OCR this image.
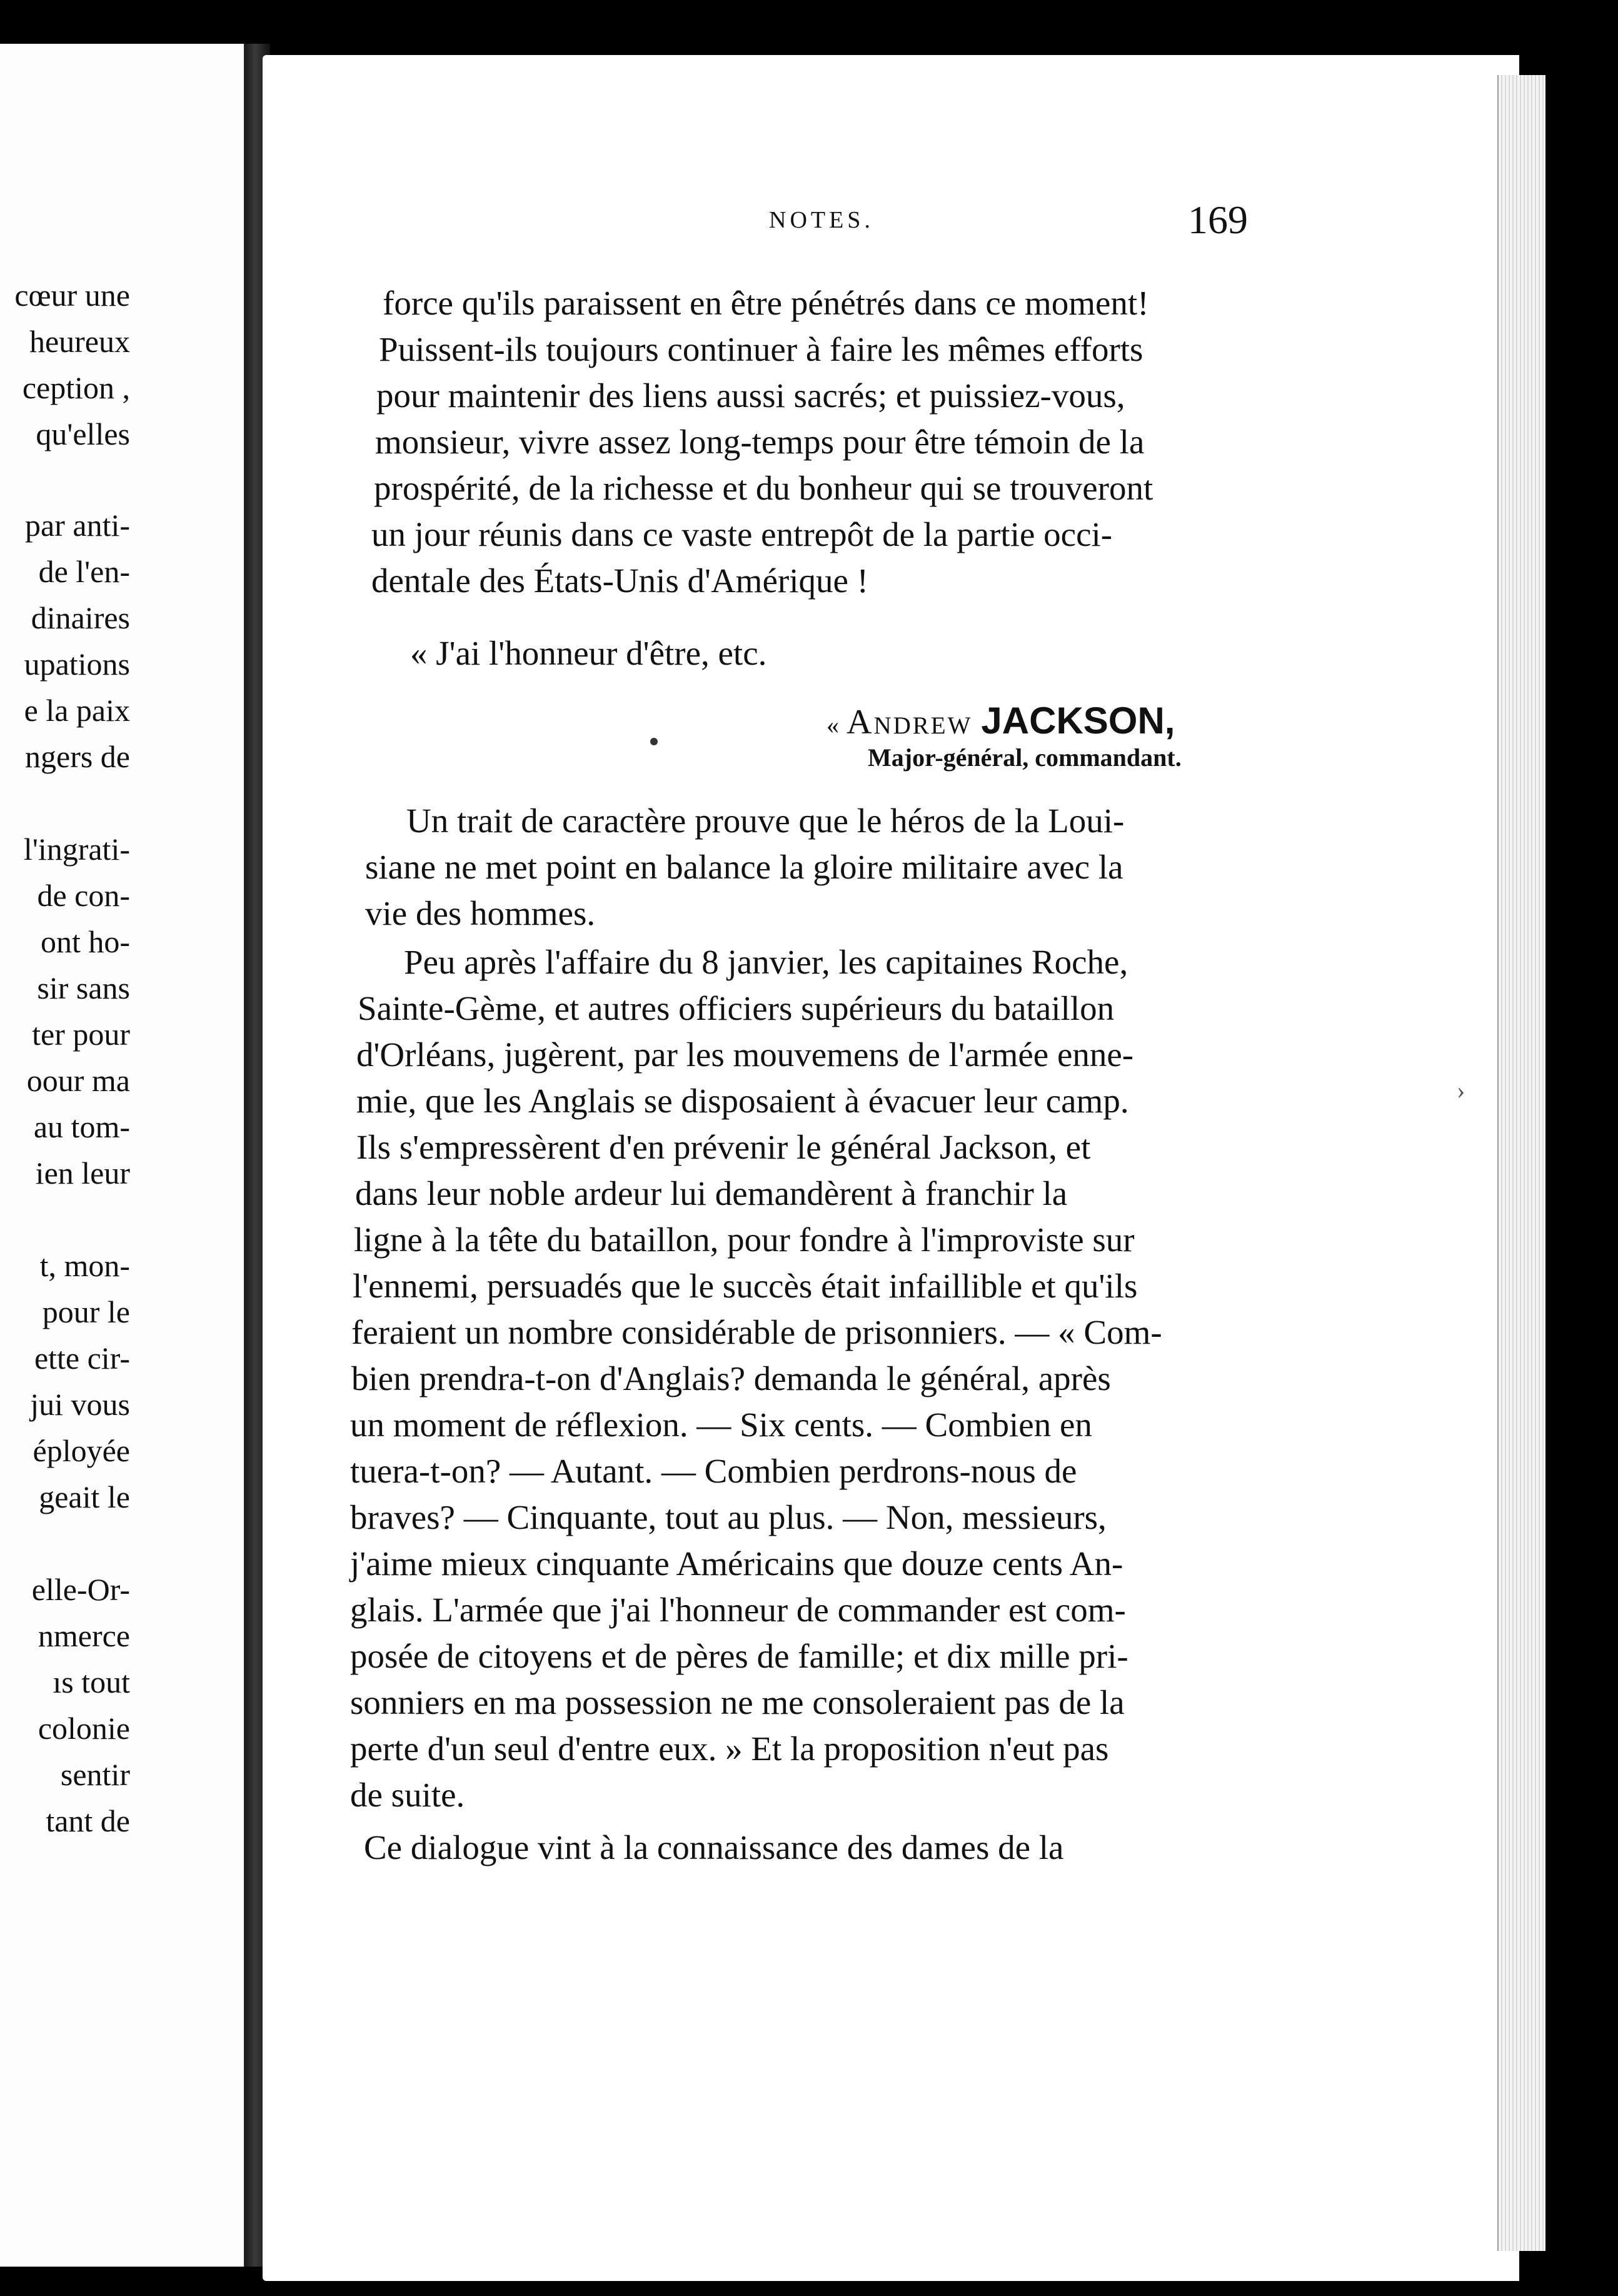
cœur une
heureux
ception ,
qu'elles
par anti-
de l'en-
dinaires
upations
e la paix
ngers de
l'ingrati-
de con-
ont ho-
sir sans
ter pour
oour ma
au tom-
ien leur
t, mon-
pour le
ette cir-
jui vous
éployée
geait le
elle-Or-
nmerce
ıs tout
colonie
sentir
tant de
NOTES.	169
force qu'ils paraissent en être pénétrés dans ce moment!
Puissent-ils toujours continuer à faire les mêmes efforts
pour maintenir des liens aussi sacrés; et puissiez-vous,
monsieur, vivre assez long-temps pour être témoin de la
prospérité, de la richesse et du bonheur qui se trouveront
un jour réunis dans ce vaste entrepôt de la partie occi-
dentale des États-Unis d'Amérique !
« J'ai l'honneur d'être, etc.
« Andrew JACKSON,
Major-général, commandant.
Un trait de caractère prouve que le héros de la Loui-
siane ne met point en balance la gloire militaire avec la
vie des hommes.
Peu après l'affaire du 8 janvier, les capitaines Roche,
Sainte-Gème, et autres officiers supérieurs du bataillon
d'Orléans, jugèrent, par les mouvemens de l'armée enne-
mie, que les Anglais se disposaient à évacuer leur camp.
Ils s'empressèrent d'en prévenir le général Jackson, et
dans leur noble ardeur lui demandèrent à franchir la
ligne à la tête du bataillon, pour fondre à l'improviste sur
l'ennemi, persuadés que le succès était infaillible et qu'ils
feraient un nombre considérable de prisonniers. — « Com-
bien prendra-t-on d'Anglais? demanda le général, après
un moment de réflexion. — Six cents. — Combien en
tuera-t-on? — Autant. — Combien perdrons-nous de
braves? — Cinquante, tout au plus. — Non, messieurs,
j'aime mieux cinquante Américains que douze cents An-
glais. L'armée que j'ai l'honneur de commander est com-
posée de citoyens et de pères de famille; et dix mille pri-
sonniers en ma possession ne me consoleraient pas de la
perte d'un seul d'entre eux. » Et la proposition n'eut pas
de suite.
Ce dialogue vint à la connaissance des dames de la
›
